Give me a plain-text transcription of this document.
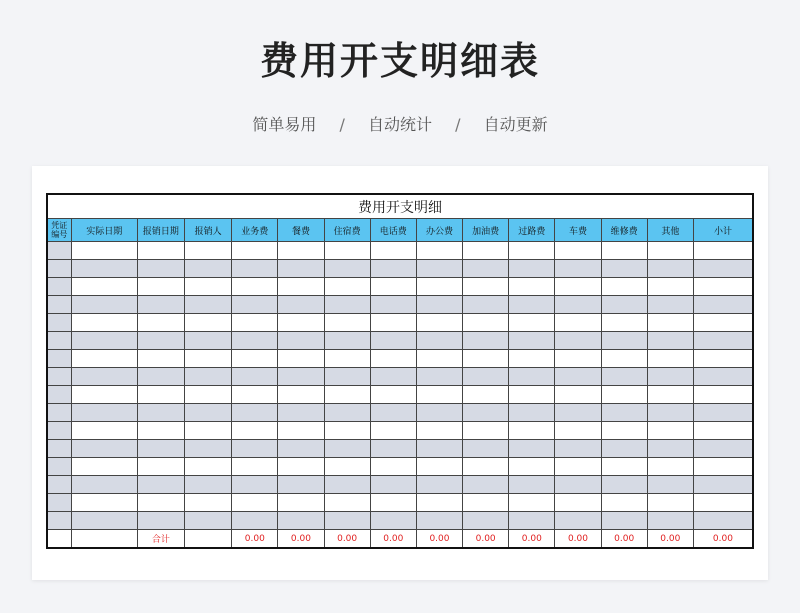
费用开支明细表
简单易用 / 自动统计 / 自动更新
费用开支明细														
凭证编号	实际日期	报销日期	报销人	业务费	餐费	住宿费	电话费	办公费	加油费	过路费	车费	维修费	其他	小计

		合计		0.00	0.00	0.00	0.00	0.00	0.00	0.00	0.00	0.00	0.00	0.00
